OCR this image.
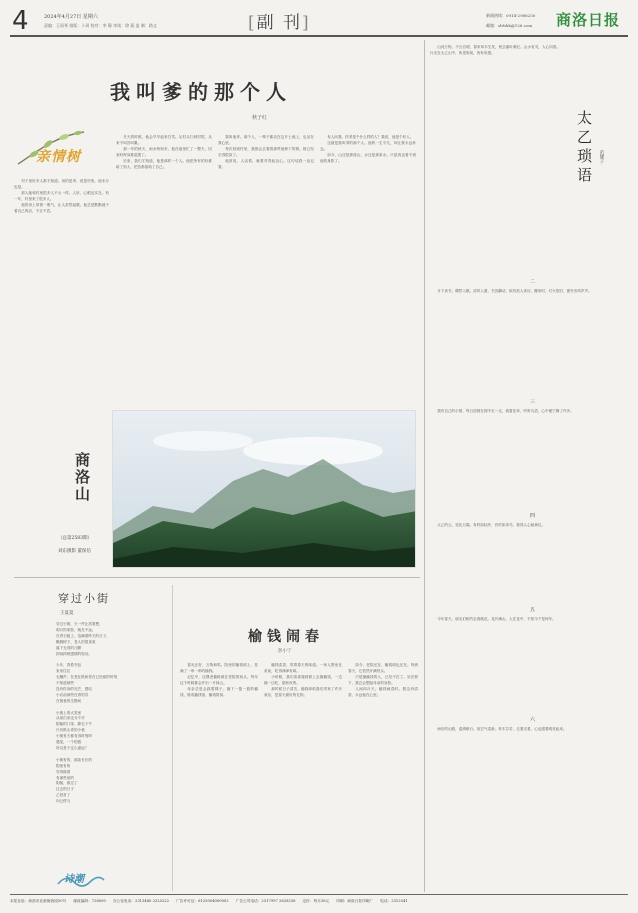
4	2024年4月27日 星期六
责编：王雨琴 排版：卜玥 校对：李 静 审读：徐 燕 监 制：路文	[副 刊]	新闻热线：0914-2988250
邮箱：slrbhk@126.com 商洛日报
我叫爹的那个人
秋子红
亲情树

村子里好多人都不知道。用的是李，说是村里，他本分也是。

那人她和村里很多人不太一样。人好，心眼也实在。有一年，村里来了很多人。

他的身上带着一股气，让人肃然起敬。他总是默默地干着自己的活，不言不语。

冬天的时候，他会早早起来扫雪。从村头扫到村尾，从来不叫苦叫累。

那一年的秋天，雨水特别多。他在地里忙了一整天，回来时浑身都湿透了。

后来，我们才知道，他是那样一个人。他把所有的好都给了别人，把苦都留给了自己。

我叫他爹。那个人，一辈子都活在这片土地上，也活在我心里。

每次回到村里，我都会去看看那些他种下的树。树已经长得很高了。

他常说，人活着，就要对得起良心。这句话我一直记着。

有人问我，你爹是个什么样的人？我说，他是个好人。

这就是我叫爹的那个人。他的一生平凡，却让我永远怀念。

如今，山还是那座山，水还是那条水。只是再也看不到他的身影了。

商洛山
（总第2583期）
刘东摄影 董保信
穿过小街
王夏夏
穿过小街，天一件让居着想，
明月的家影，就在不远。
在青石板上，溶满着昨天的日子，
椭圆树下，老人的很喜欢
落下无得的几颗
抑扬抑顿感情的短诗。
少年，背着书包
来来往往
无穗声，在悉在纸和你在已经留的时刻
不知道那些
没有你身的光芒，感叹
小店前那些在青的苏
在街巷的交错间
小街上的大笑里
从前们来还分不开
阴郁的门扉，静态下午
只有纸头青的小巷
小街有天都有得时刻吗
遇见，一个的感
所以是个这么遥远？
小街有的，那条长长的
阴里有的
穿得像着
有那些前的
阴郁，都过了
过去的日子
乙回首了
向已停当
诗潮
榆钱闹春
彭小宁

春光正好，万物和鸣。院里的榆钱树上，挂满了一串一串的榆钱。

记忆中，这棵老榆树就在老院的西头，每年这个时候都会开出一片绿云。

母亲总是会踩着梯子，摘下一篮一篮的榆钱，做成榆钱饭、榆钱窝窝。

榆钱清香，带着春天的味道。一家人围坐在桌前，吃得津津有味。

小时候，我们喜欢爬到树上去摘榆钱，一边摘一边吃，甜丝丝的。

那时候日子清苦，榆钱却给我们带来了许多欢乐，是春天最好的礼物。

如今，老院还在，榆钱树也还在。每到春天，它依然开满枝头。

只是摘榆钱的人，已经不在了。站在树下，我总会想起母亲的身影。

人间四月天，榆钱闹春时。愿这份清香，永远留在心里。

山河万物，不言自明，春来草木生发，秋去霜叶渐红。山水有灵，人心向善。行走在太乙山中，所见所闻，皆有所感。

太乙琐语	范耀子
二
月下读书，偶然入眠。清风入窗，书页翻动，似有故人来访。醒来时，灯火依旧，窗外虫鸣声声。
三
我有自己的小园，每日清晨在园中走一走，看看花草，听听鸟语，心中便宁静了许多。
四
太乙的云，变化万端。有时如轻纱，有时如奔马，看得人心驰神往。
五
今年春天，朋友们相约去看桃花。花开满山，人在花中，不知今夕是何年。
六
雨后的山路，湿滑难行。但空气清新，草木芬芳，走着走着，心也跟着明亮起来。
本报社址：商洛市北新街西段50号 邮政编码：726000 办公室电话：2313480 2325222 广告许可证：6125004000002 广告公司电话：2317997 2828336 定价：每月36元 印刷：商洛日报印刷厂 电话：2312541
